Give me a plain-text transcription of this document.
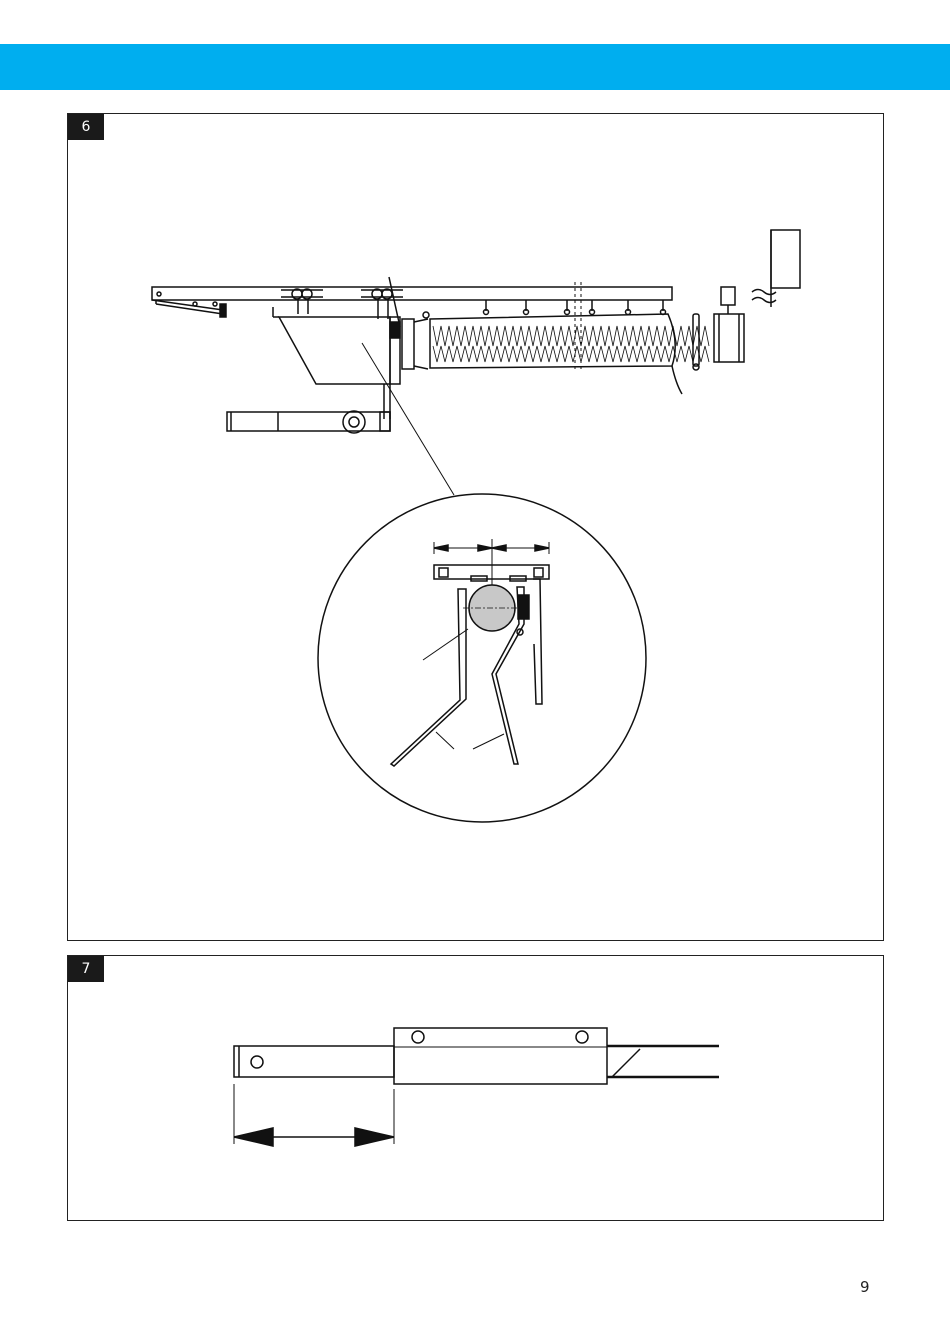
6
7
9
